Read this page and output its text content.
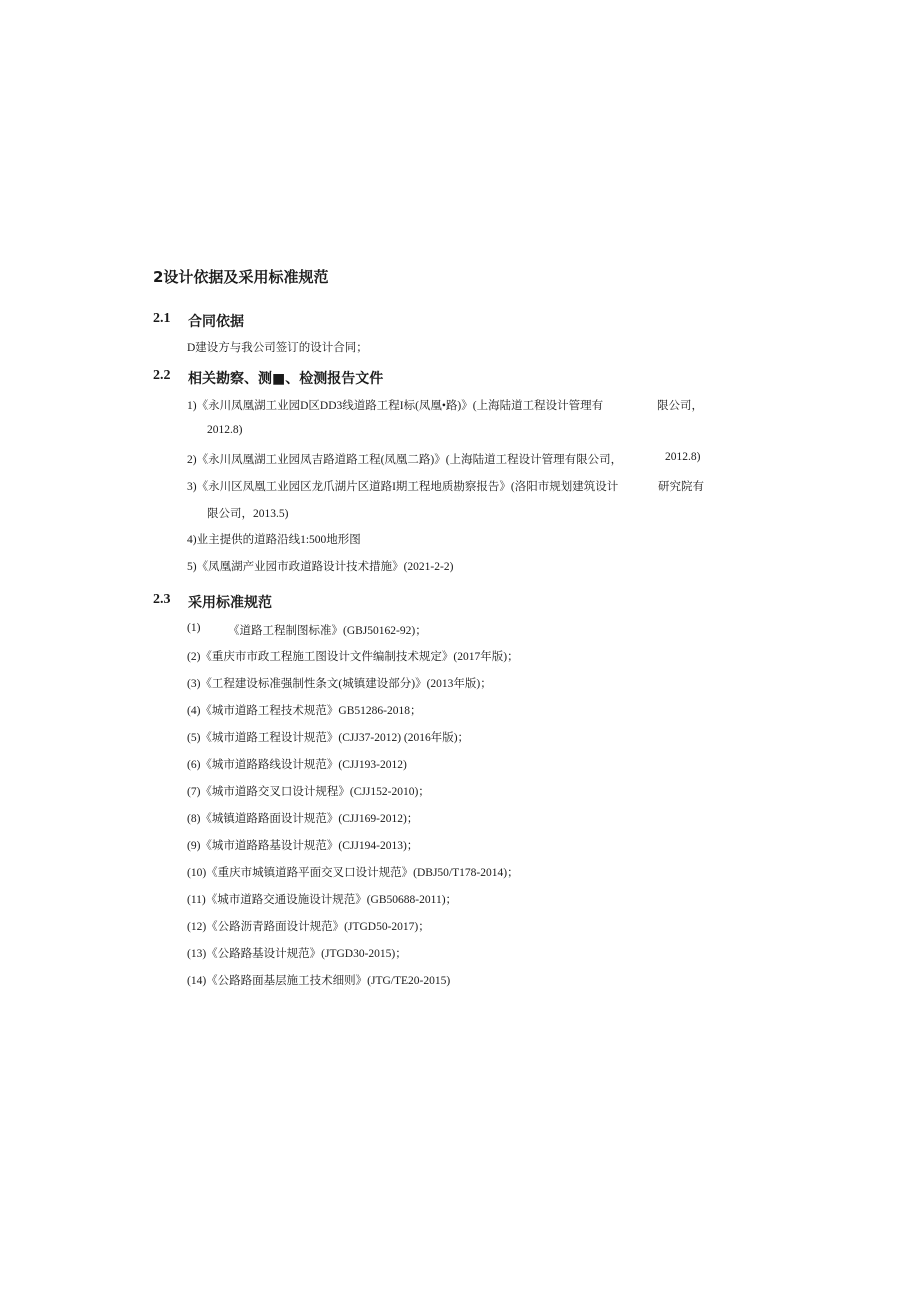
2设计依据及采用标准规范
2.1 合同依据
D建设方与我公司签订的设计合同；
2.2 相关勘察、测■、检测报告文件
1)《永川凤凰湖工业园D区DD3线道路工程I标(凤凰•路)》(上海陆道工程设计管理有	限公司，
2012.8)
2)《永川凤凰湖工业园凤吉路道路工程(凤凰二路)》(上海陆道工程设计管理有限公司，	2012.8)
3)《永川区凤凰工业园区龙爪湖片区道路I期工程地质勘察报告》(洛阳市规划建筑设计	研究院有
限公司，2013.5)
4)业主提供的道路沿线1:500地形图
5)《凤凰湖产业园市政道路设计技术措施》(2021-2-2)
2.3 采用标准规范
(1) 《道路工程制图标准》(GBJ50162-92)；
(2)《重庆市市政工程施工图设计文件编制技术规定》(2017年版)；
(3)《工程建设标准强制性条文(城镇建设部分)》(2013年版)；
(4)《城市道路工程技术规范》GB51286-2018；
(5)《城市道路工程设计规范》(CJJ37-2012) (2016年版)；
(6)《城市道路路线设计规范》(CJJ193-2012)
(7)《城市道路交叉口设计规程》(CJJ152-2010)；
(8)《城镇道路路面设计规范》(CJJ169-2012)；
(9)《城市道路路基设计规范》(CJJ194-2013)；
(10)《重庆市城镇道路平面交叉口设计规范》(DBJ50/T178-2014)；
(11)《城市道路交通设施设计规范》(GB50688-2011)；
(12)《公路沥青路面设计规范》(JTGD50-2017)；
(13)《公路路基设计规范》(JTGD30-2015)；
(14)《公路路面基层施工技术细则》(JTG/TE20-2015)
